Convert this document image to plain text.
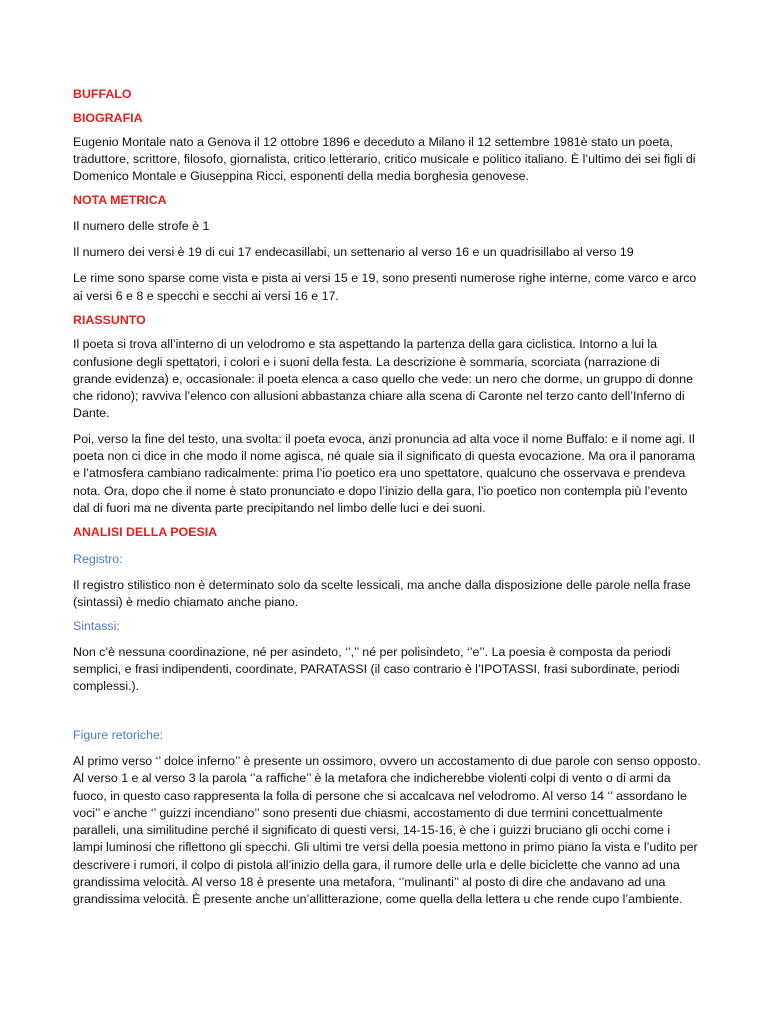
BUFFALO

BIOGRAFIA

Eugenio Montale nato a Genova il 12 ottobre 1896 e deceduto a Milano il 12 settembre 1981è stato un poeta, traduttore, scrittore, filosofo, giornalista, critico letterario, critico musicale e politico italiano. È l’ultimo dei sei figli di Domenico Montale e Giuseppina Ricci, esponenti della media borghesia genovese.

NOTA METRICA

Il numero delle strofe è 1

Il numero dei versi è 19 di cui 17 endecasillabi, un settenario al verso 16 e un quadrisillabo al verso 19

Le rime sono sparse come vista e pista ai versi 15 e 19, sono presenti numerose righe interne, come varco e arco ai versi 6 e 8 e specchi e secchi ai versi 16 e 17.

RIASSUNTO

Il poeta si trova all’interno di un velodromo e sta aspettando la partenza della gara ciclistica. Intorno a lui la confusione degli spettatori, i colori e i suoni della festa. La descrizione è sommaria, scorciata (narrazione di grande evidenza) e, occasionale: il poeta elenca a caso quello che vede: un nero che dorme, un gruppo di donne che ridono); ravviva l’elenco con allusioni abbastanza chiare alla scena di Caronte nel terzo canto dell’Inferno di Dante.

Poi, verso la fine del testo, una svolta: il poeta evoca, anzi pronuncia ad alta voce il nome Buffalo: e il nome agi. Il poeta non ci dice in che modo il nome agisca, né quale sia il significato di questa evocazione. Ma ora il panorama e l’atmosfera cambiano radicalmente: prima l’io poetico era uno spettatore, qualcuno che osservava e prendeva nota. Ora, dopo che il nome è stato pronunciato e dopo l’inizio della gara, l’io poetico non contempla più l’evento dal di fuori ma ne diventa parte precipitando nel limbo delle luci e dei suoni.

ANALISI DELLA POESIA

Registro:

Il registro stilistico non è determinato solo da scelte lessicali, ma anche dalla disposizione delle parole nella frase (sintassi) è medio chiamato anche piano.

Sintassi:

Non c’è nessuna coordinazione, né per asindeto, ‘’,’’ né per polisindeto, ‘’e’’. La poesia è composta da periodi semplici, e frasi indipendenti, coordinate, PARATASSI (il caso contrario è l’IPOTASSI, frasi subordinate, periodi complessi.).

Figure retoriche:

Al primo verso ‘’ dolce inferno’’ è presente un ossimoro, ovvero un accostamento di due parole con senso opposto. Al verso 1 e al verso 3 la parola ‘’a raffiche’’ è la metafora che indicherebbe violenti colpi di vento o di armi da fuoco, in questo caso rappresenta la folla di persone che si accalcava nel velodromo. Al verso 14 ‘’ assordano le voci’’ e anche ‘’ guizzi incendiano’’ sono presenti due chiasmi, accostamento di due termini concettualmente paralleli, una similitudine perché il significato di questi versi, 14-15-16, è che i guizzi bruciano gli occhi come i lampi luminosi che riflettono gli specchi. Gli ultimi tre versi della poesia mettono in primo piano la vista e l’udito per descrivere i rumori, il colpo di pistola all’inizio della gara, il rumore delle urla e delle biciclette che vanno ad una grandissima velocità. Al verso 18 è presente una metafora, ‘’mulinanti’’ al posto di dire che andavano ad una grandissima velocità. È presente anche un’allitterazione, come quella della lettera u che rende cupo l’ambiente.
